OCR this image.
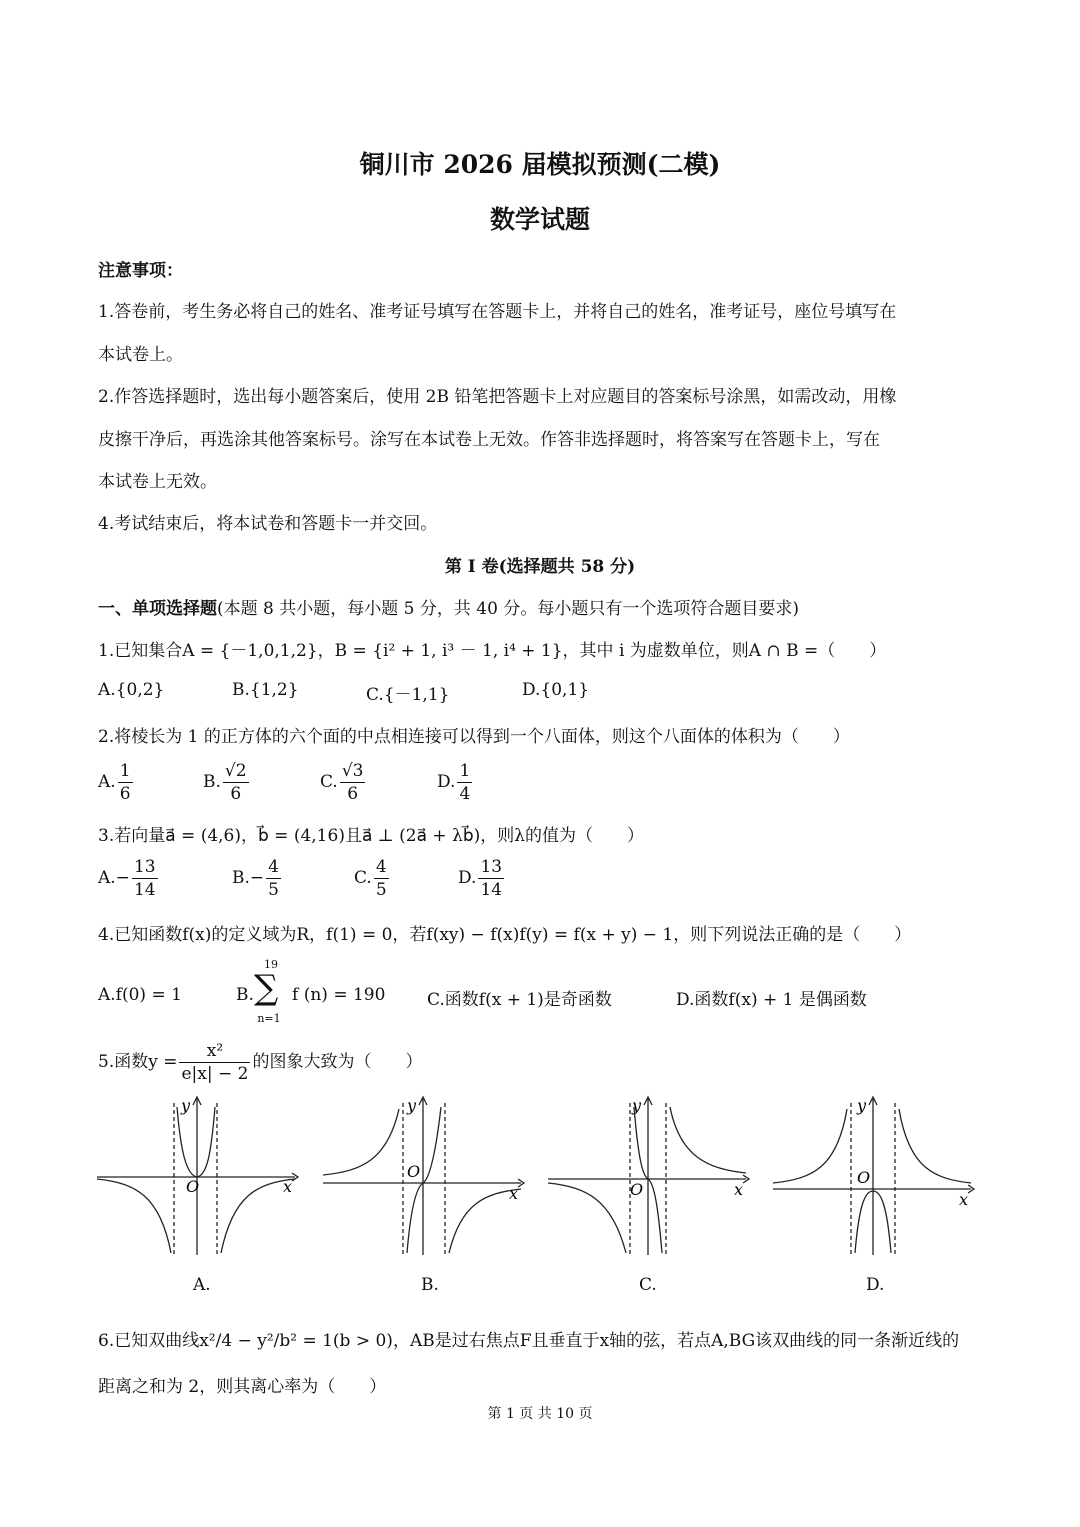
铜川市 2026 届模拟预测(二模)
数学试题
注意事项：
1.答卷前，考生务必将自己的姓名、准考证号填写在答题卡上，并将自己的姓名，准考证号，座位号填写在
本试卷上。
2.作答选择题时，选出每小题答案后，使用 2B 铅笔把答题卡上对应题目的答案标号涂黑，如需改动，用橡
皮擦干净后，再选涂其他答案标号。涂写在本试卷上无效。作答非选择题时，将答案写在答题卡上，写在
本试卷上无效。
4.考试结束后，将本试卷和答题卡一并交回。
第 I 卷(选择题共 58 分)
一、单项选择题(本题 8 共小题，每小题 5 分，共 40 分。每小题只有一个选项符合题目要求)
1.已知集合A = {－1,0,1,2}，B = {i² + 1, i³ － 1, i⁴ + 1}，其中 i 为虚数单位，则A ∩ B =（　　）
A.{0,2}	B.{1,2}	C.{－1,1}	D.{0,1}
2.将棱长为 1 的正方体的六个面的中点相连接可以得到一个八面体，则这个八面体的体积为（　　）
A. $\frac{1}{6}$	B. $\frac{√2}{6}$	C. $\frac{√3}{6}$	D. $\frac{1}{4}$
3.若向量a⃗ = (4,6)，b⃗ = (4,16)且a⃗ ⊥ (2a⃗ + λb⃗)，则λ的值为（　　）
$A.- \frac{13}{14}$	$B.- \frac{4}{5}$	C. $\frac{4}{5}$	D. $\frac{13}{14}$
4.已知函数f(x)的定义域为R，f(1) = 0，若f(xy) − f(x)f(y) = f(x + y) − 1，则下列说法正确的是（　　）
A.f(0) = 1	B.
19
∑
n=1
f (n) = 190 C.函数f(x + 1)是奇函数	D.函数f(x) + 1 是偶函数
5.函数$y = \frac{\text{x²}}{e|x| - 2}$ 的图象大致为（　　）
O
y
x
O
y
x	O
y
x
O
y
x
A.	B.	C.	D.
6.已知双曲线x²/4 − y²/b² = 1(b > 0)，AB是过右焦点F且垂直于x轴的弦，若点A,BG该双曲线的同一条渐近线的
距离之和为 2，则其离心率为（　　）
第 1 页 共 10 页
